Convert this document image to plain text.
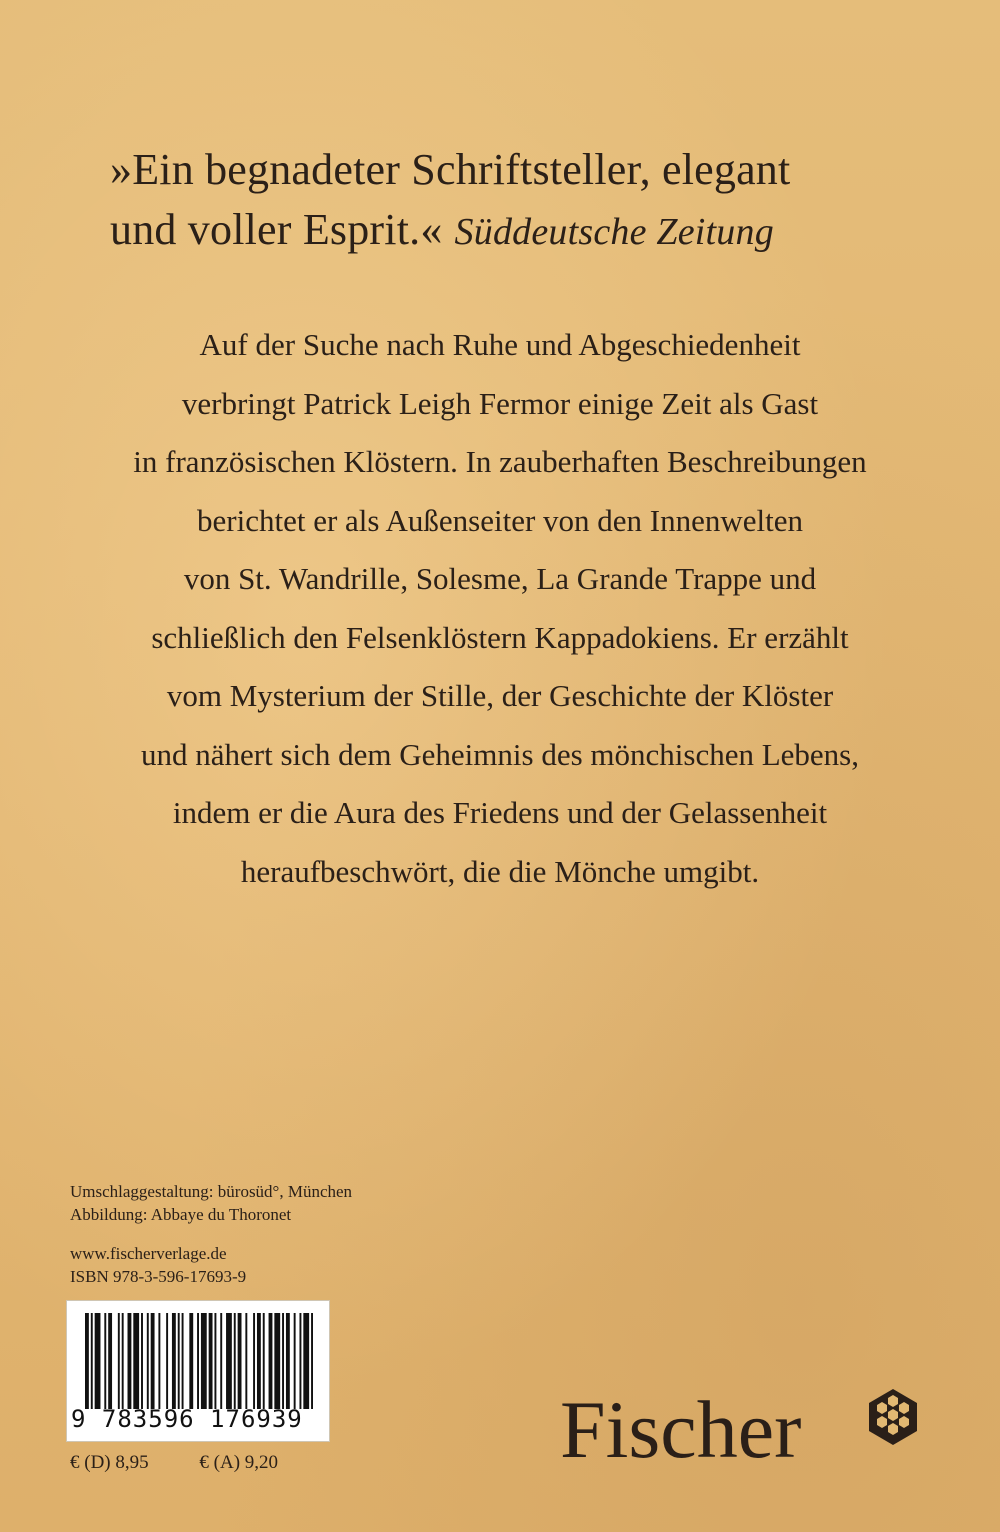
»Ein begnadeter Schriftsteller, elegant
und voller Esprit.« Süddeutsche Zeitung
Auf der Suche nach Ruhe und Abgeschiedenheit
verbringt Patrick Leigh Fermor einige Zeit als Gast
in französischen Klöstern. In zauberhaften Beschreibungen
berichtet er als Außenseiter von den Innenwelten
von St. Wandrille, Solesme, La Grande Trappe und
schließlich den Felsenklöstern Kappadokiens. Er erzählt
vom Mysterium der Stille, der Geschichte der Klöster
und nähert sich dem Geheimnis des mönchischen Lebens,
indem er die Aura des Friedens und der Gelassenheit
heraufbeschwört, die die Mönche umgibt.
Umschlaggestaltung: bürosüd°, München
Abbildung: Abbaye du Thoronet
www.fischerverlage.de
ISBN 978-3-596-17693-9
9 783596 176939
€ (D) 8,95	€ (A) 9,20	Fischer
